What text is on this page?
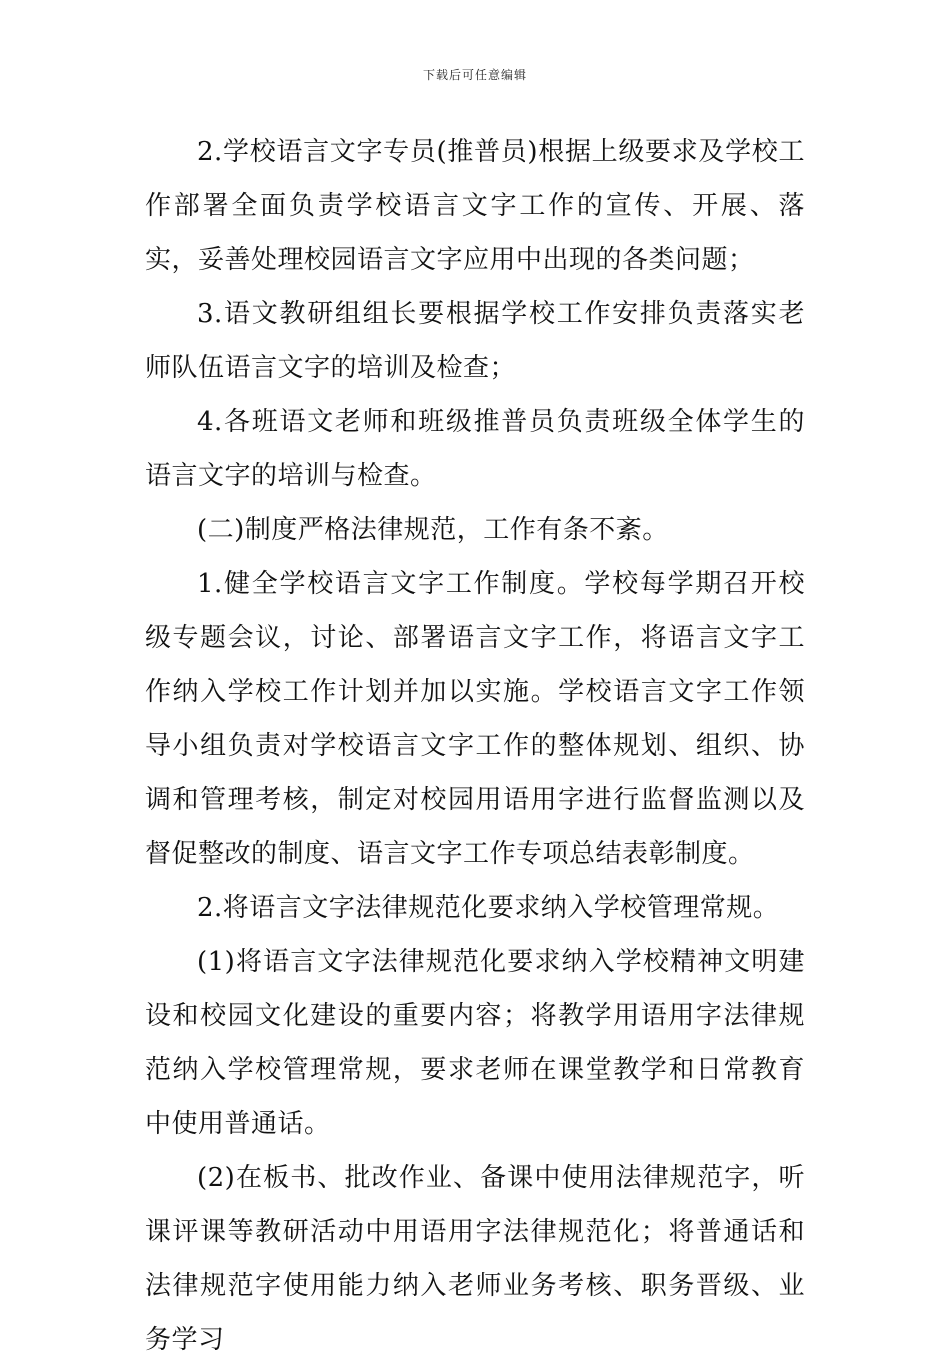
下载后可任意编辑

2.学校语言文字专员(推普员)根据上级要求及学校工作部署全面负责学校语言文字工作的宣传、开展、落实，妥善处理校园语言文字应用中出现的各类问题；

3.语文教研组组长要根据学校工作安排负责落实老师队伍语言文字的培训及检查；

4.各班语文老师和班级推普员负责班级全体学生的语言文字的培训与检查。

(二)制度严格法律规范，工作有条不紊。

1.健全学校语言文字工作制度。学校每学期召开校级专题会议，讨论、部署语言文字工作，将语言文字工作纳入学校工作计划并加以实施。学校语言文字工作领导小组负责对学校语言文字工作的整体规划、组织、协调和管理考核，制定对校园用语用字进行监督监测以及督促整改的制度、语言文字工作专项总结表彰制度。

2.将语言文字法律规范化要求纳入学校管理常规。

(1)将语言文字法律规范化要求纳入学校精神文明建设和校园文化建设的重要内容；将教学用语用字法律规范纳入学校管理常规，要求老师在课堂教学和日常教育中使用普通话。

(2)在板书、批改作业、备课中使用法律规范字，听课评课等教研活动中用语用字法律规范化；将普通话和法律规范字使用能力纳入老师业务考核、职务晋级、业务学习
